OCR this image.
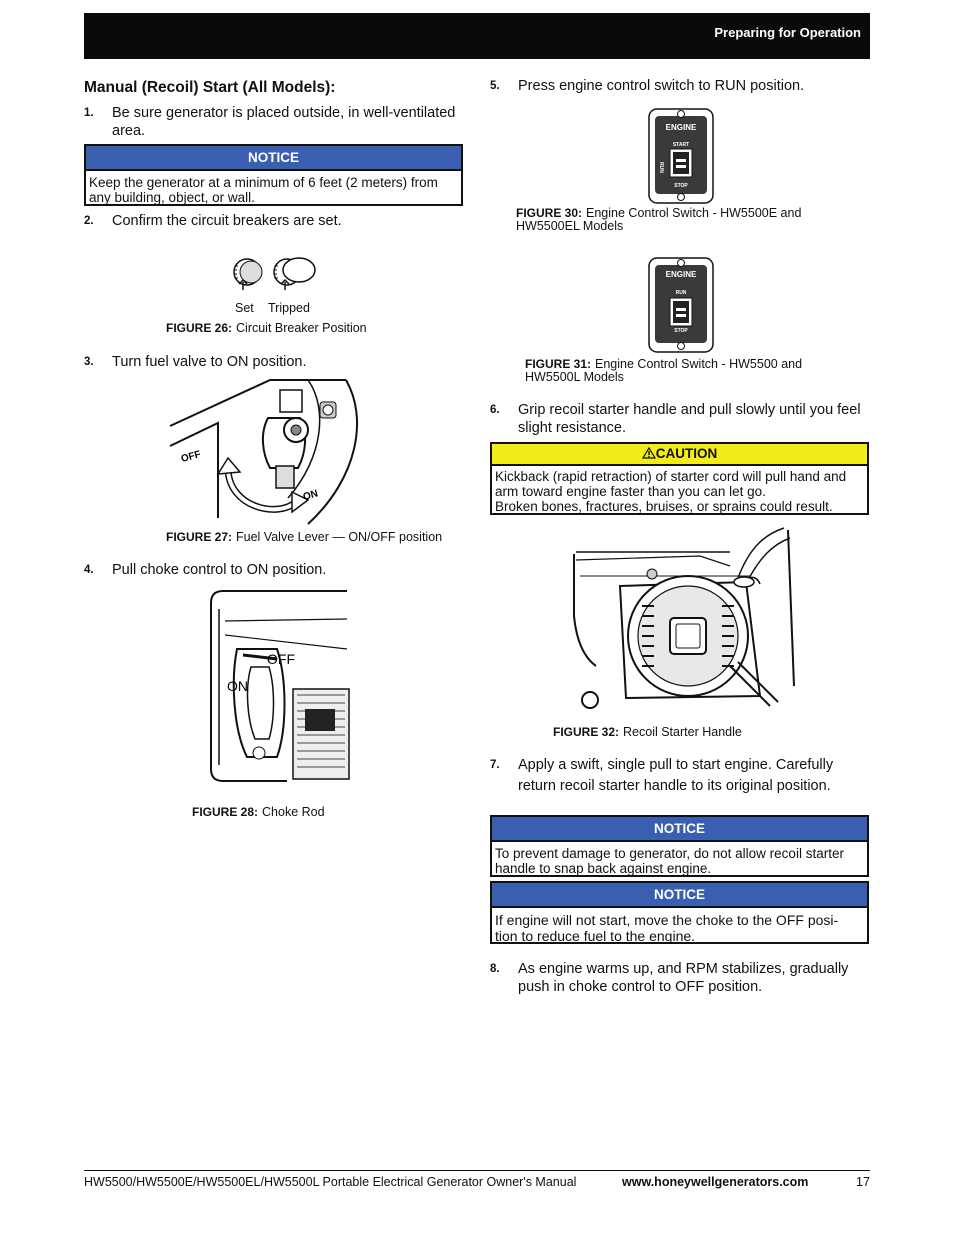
Preparing for Operation
Manual (Recoil) Start (All Models):
1. Be sure generator is placed outside, in well-ventilated
area.
NOTICE
Keep the generator at a minimum of 6 feet (2 meters) from
any building, object, or wall.
2. Confirm the circuit breakers are set.
Set Tripped
FIGURE 26: Circuit Breaker Position
3. Turn fuel valve to ON position.
OFF
ON
FIGURE 27: Fuel Valve Lever — ON/OFF position
4. Pull choke control to ON position.
OFF
ON
FIGURE 28: Choke Rod
5. Press engine control switch to RUN position.
ENGINE
START
RUN
STOP
FIGURE 30: Engine Control Switch - HW5500E and
HW5500EL Models
ENGINE
RUN
STOP
FIGURE 31: Engine Control Switch - HW5500 and
HW5500L Models
6. Grip recoil starter handle and pull slowly until you feel
slight resistance.
CAUTION
Kickback (rapid retraction) of starter cord will pull hand and
arm toward engine faster than you can let go.
Broken bones, fractures, bruises, or sprains could result.
FIGURE 32: Recoil Starter Handle
7. Apply a swift, single pull to start engine. Carefully
return recoil starter handle to its original position.
NOTICE
To prevent damage to generator, do not allow recoil starter
handle to snap back against engine.
NOTICE
If engine will not start, move the choke to the OFF posi-
tion to reduce fuel to the engine.
8. As engine warms up, and RPM stabilizes, gradually
push in choke control to OFF position.
HW5500/HW5500E/HW5500EL/HW5500L Portable Electrical Generator Owner's Manual	www.honeywellgenerators.com	17
